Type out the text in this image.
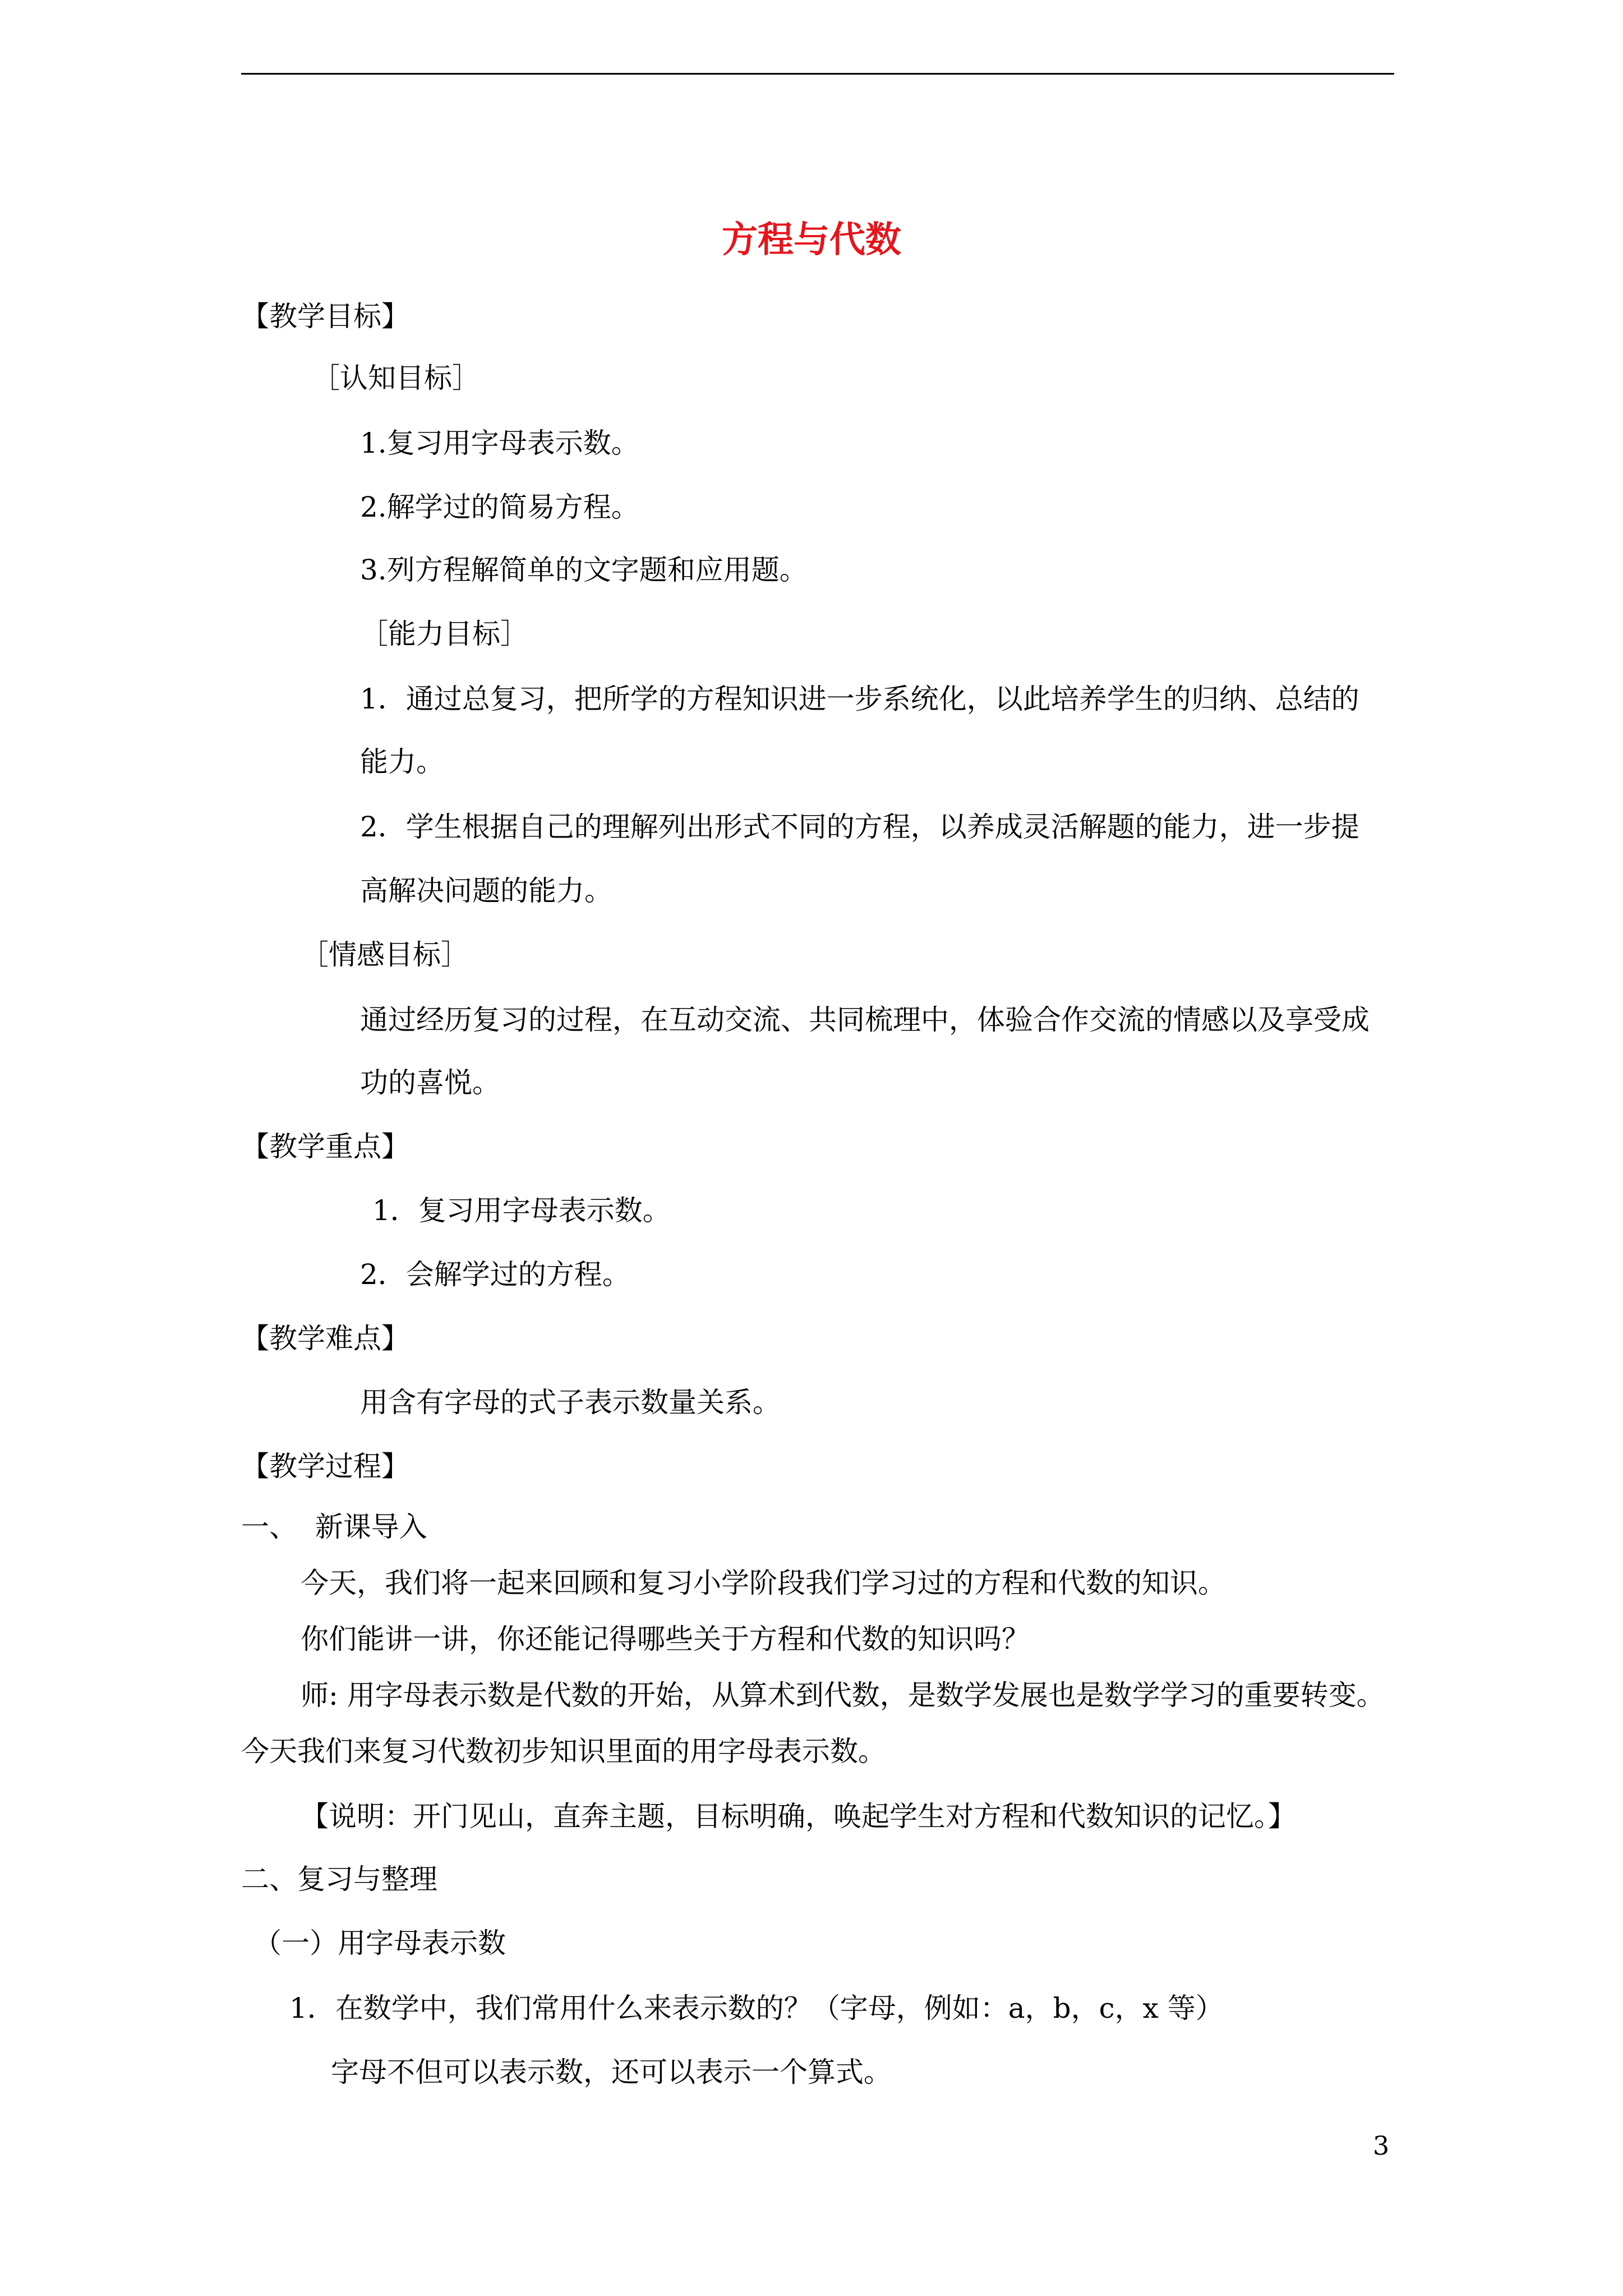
方程与代数
【教学目标】
［认知目标］
1.复习用字母表示数。
2.解学过的简易方程。
3.列方程解简单的文字题和应用题。
［能力目标］
1．通过总复习，把所学的方程知识进一步系统化，以此培养学生的归纳、总结的
能力。
2．学生根据自己的理解列出形式不同的方程，以养成灵活解题的能力，进一步提
高解决问题的能力。
［情感目标］
通过经历复习的过程，在互动交流、共同梳理中，体验合作交流的情感以及享受成
功的喜悦。
【教学重点】
1．复习用字母表示数。
2．会解学过的方程。
【教学难点】
用含有字母的式子表示数量关系。
【教学过程】
一、  新课导入
今天，我们将一起来回顾和复习小学阶段我们学习过的方程和代数的知识。
你们能讲一讲，你还能记得哪些关于方程和代数的知识吗？
师: 用字母表示数是代数的开始，从算术到代数，是数学发展也是数学学习的重要转变。
今天我们来复习代数初步知识里面的用字母表示数。
【说明：开门见山，直奔主题，目标明确，唤起学生对方程和代数知识的记忆。】
二、复习与整理
（一）用字母表示数
1．在数学中，我们常用什么来表示数的？（字母，例如：a，b，c，x 等）
字母不但可以表示数，还可以表示一个算式。
3
